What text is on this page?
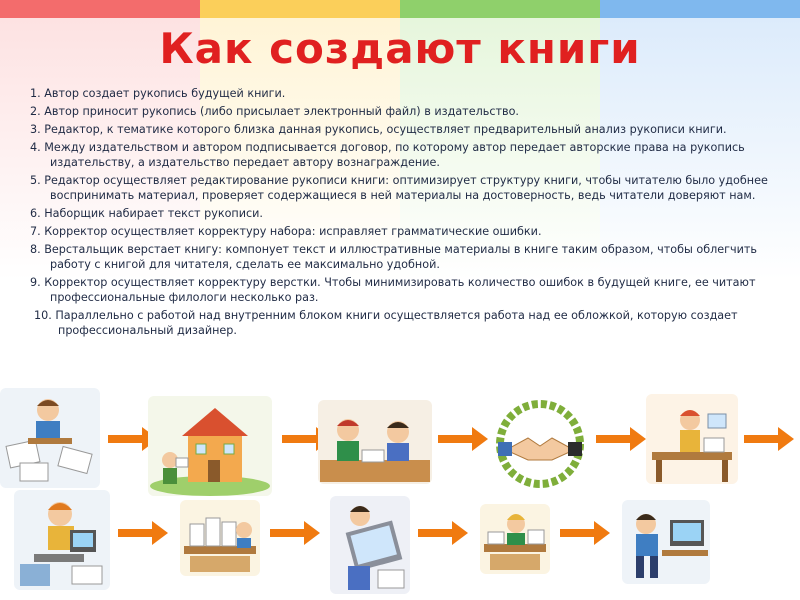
Как создают книги
1. Автор создает рукопись будущей книги.
2. Автор приносит рукопись (либо присылает электронный файл) в издательство.
3. Редактор, к тематике которого близка данная рукопись, осуществляет предварительный анализ рукописи книги.
4. Между издательством и автором подписывается договор, по которому автор передает авторские права на рукопись издательству, а издательство передает автору вознаграждение.
5. Редактор осуществляет редактирование рукописи книги: оптимизирует структуру книги, чтобы читателю было удобнее воспринимать материал, проверяет содержащиеся в ней материалы на достоверность, ведь читатели доверяют нам.
6. Наборщик набирает текст рукописи.
7. Корректор осуществляет корректуру набора: исправляет грамматические ошибки.
8. Верстальщик верстает книгу: компонует текст и иллюстративные материалы в книге таким образом, чтобы облегчить работу с книгой для читателя, сделать ее максимально удобной.
9. Корректор осуществляет корректуру верстки. Чтобы минимизировать количество ошибок в будущей книге, ее читают профессиональные филологи несколько раз.
10. Параллельно с работой над внутренним блоком книги осуществляется работа над ее обложкой, которую создает профессиональный дизайнер.
